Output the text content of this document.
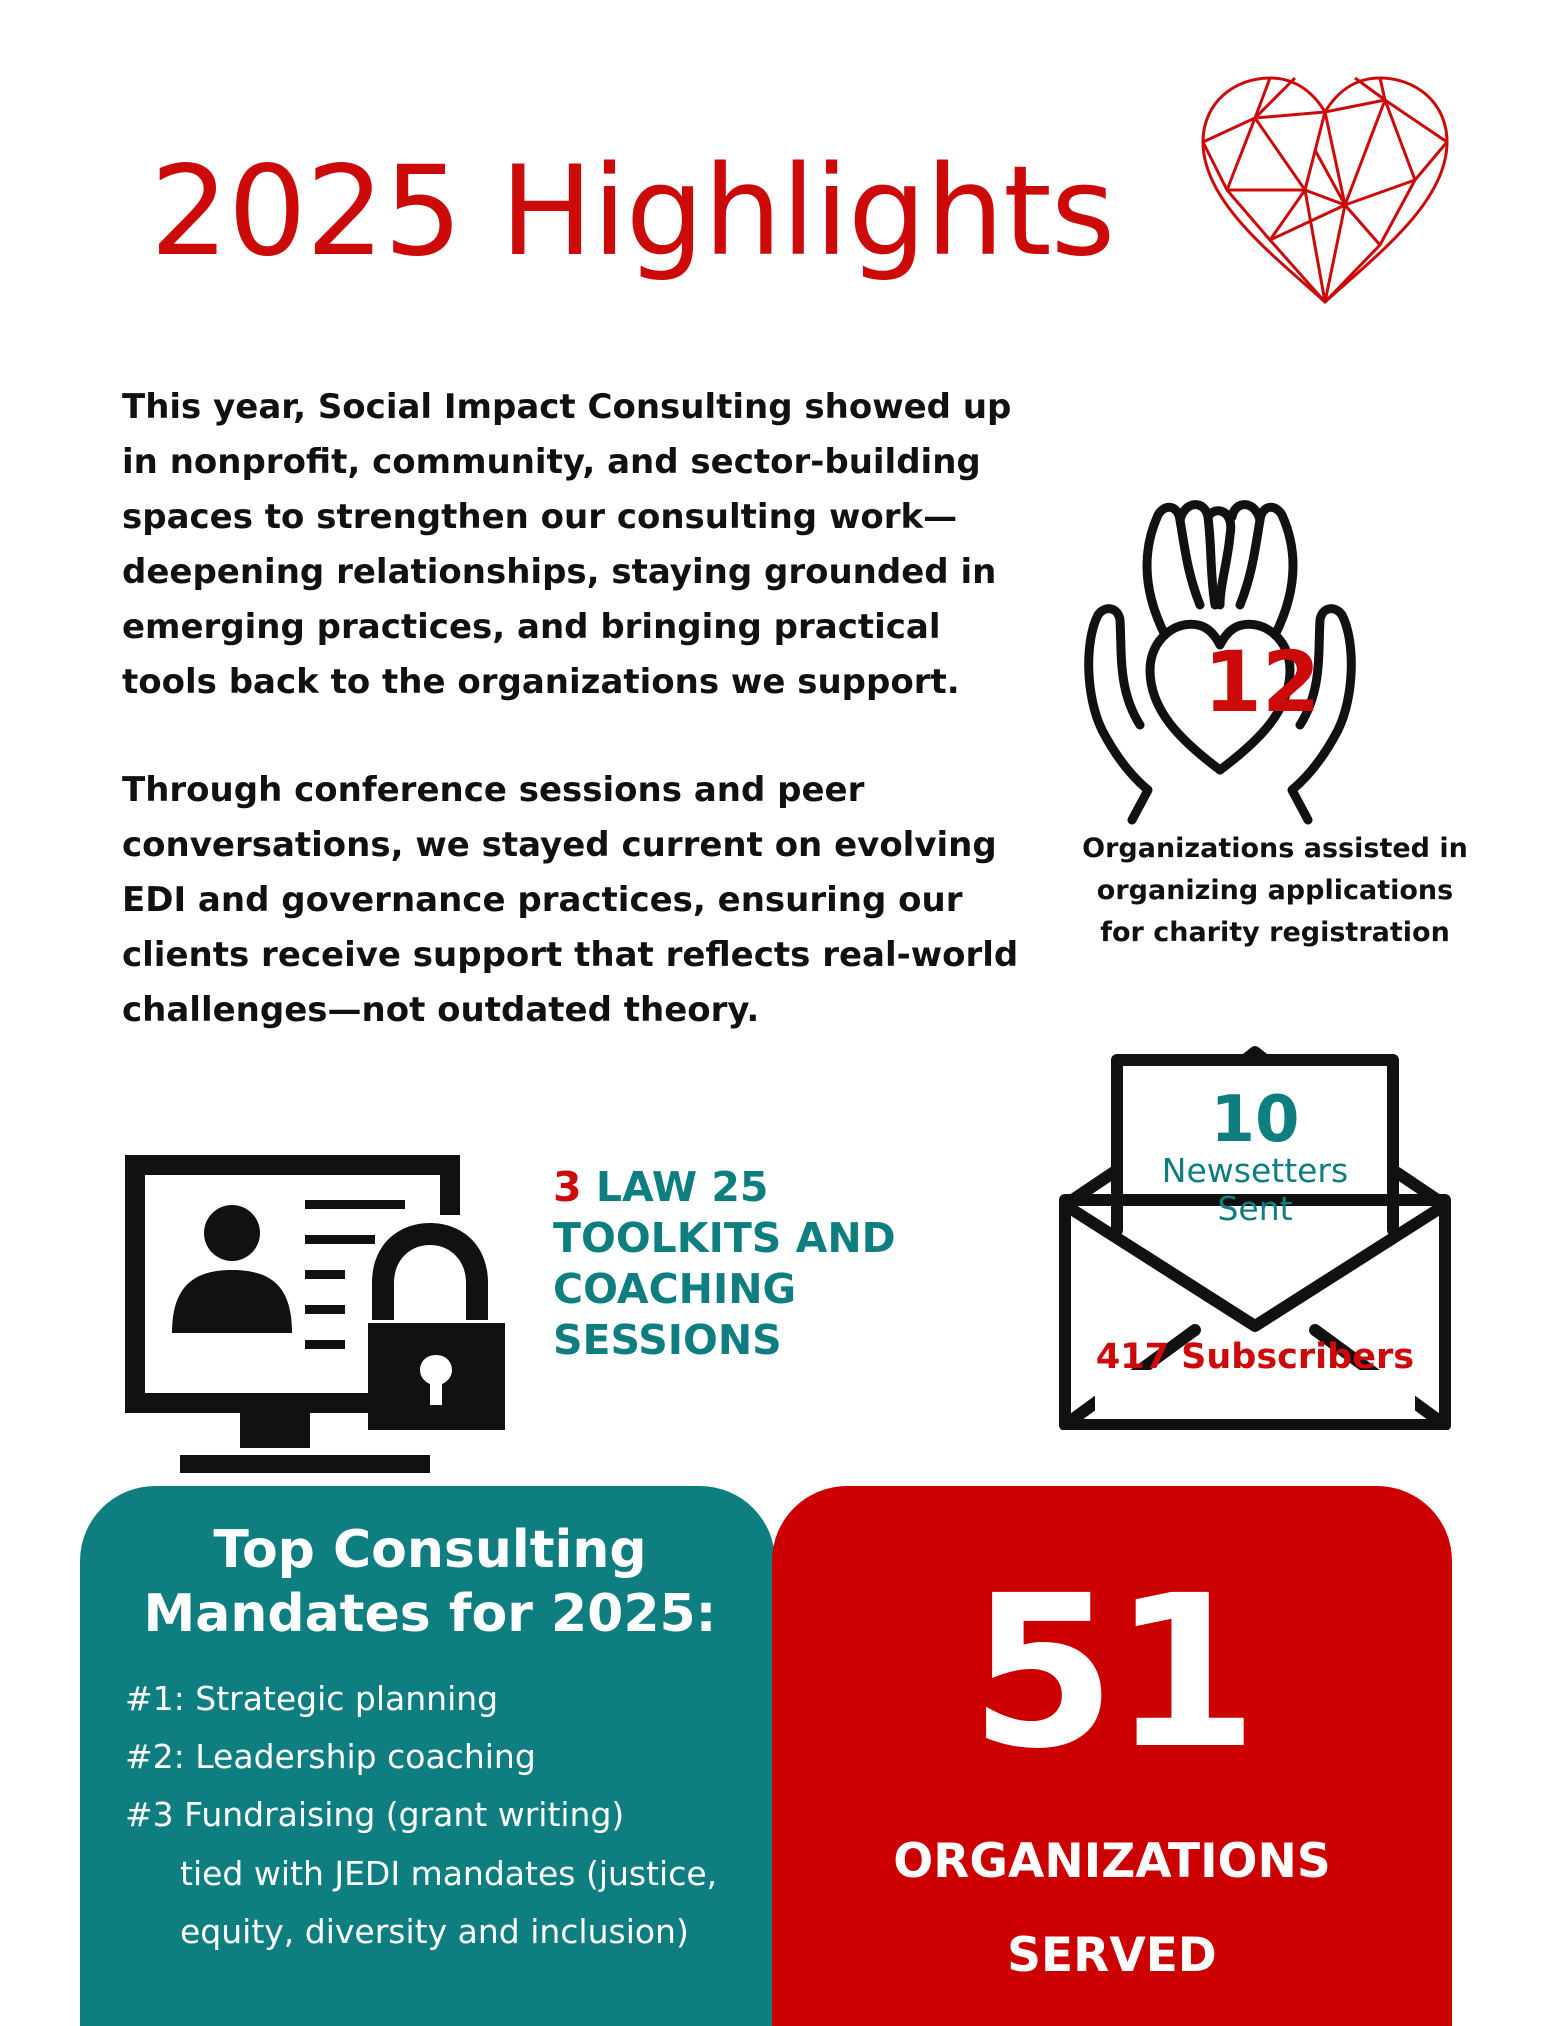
2025 Highlights

This year, Social Impact Consulting showed up in nonprofit, community, and sector-building spaces to strengthen our consulting work—deepening relationships, staying grounded in emerging practices, and bringing practical tools back to the organizations we support.

Through conference sessions and peer conversations, we stayed current on evolving EDI and governance practices, ensuring our clients receive support that reflects real-world challenges—not outdated theory.

12
Organizations assisted in
organizing applications
for charity registration
3 LAW 25 TOOLKITS AND COACHING SESSIONS
10
Newsetters
Sent
417 Subscribers
Top Consulting
Mandates for 2025:
#1: Strategic planning
#2: Leadership coaching
#3 Fundraising (grant writing)
tied with JEDI mandates (justice,
equity, diversity and inclusion)
51
ORGANIZATIONS
SERVED
